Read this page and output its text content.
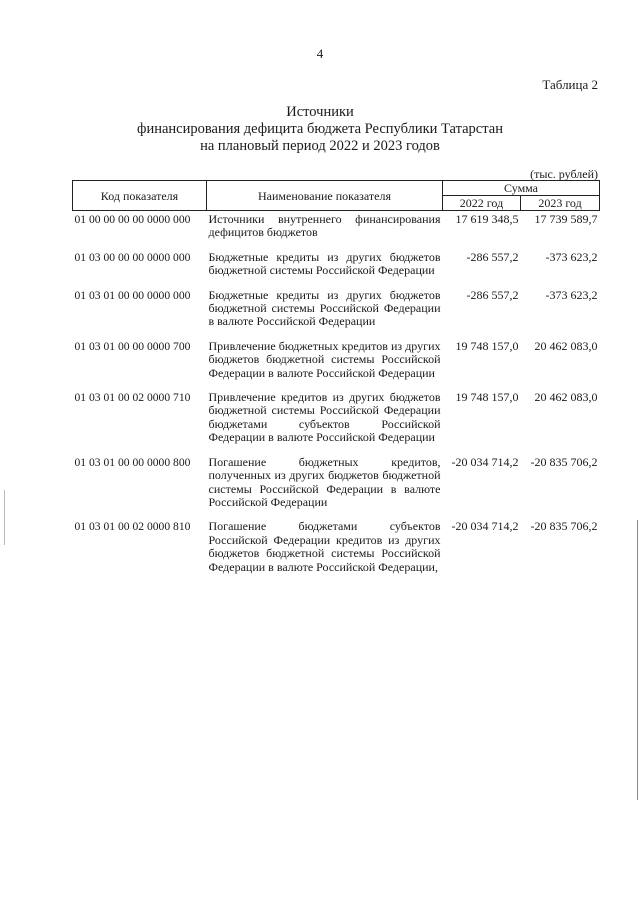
4
Таблица 2
Источники
финансирования дефицита бюджета Республики Татарстан
на плановый период 2022 и 2023 годов
(тыс. рублей)
Код показателя	Наименование показателя	Сумма	
		2022 год	2023 год
01 00 00 00 00 0000 000	Источники внутреннего финансирования дефицитов бюджетов	17 619 348,5	17 739 589,7
01 03 00 00 00 0000 000	Бюджетные кредиты из других бюджетов бюджетной системы Российской Федерации	-286 557,2	-373 623,2
01 03 01 00 00 0000 000	Бюджетные кредиты из других бюджетов бюджетной системы Российской Федерации в валюте Российской Федерации	-286 557,2	-373 623,2
01 03 01 00 00 0000 700	Привлечение бюджетных кредитов из других бюджетов бюджетной системы Российской Федерации в валюте Российской Федерации	19 748 157,0	20 462 083,0
01 03 01 00 02 0000 710	Привлечение кредитов из других бюджетов бюджетной системы Российской Федерации бюджетами субъектов Российской Федерации в валюте Российской Федерации	19 748 157,0	20 462 083,0
01 03 01 00 00 0000 800	Погашение бюджетных кредитов, полученных из других бюджетов бюджетной системы Российской Федерации в валюте Российской Федерации	-20 034 714,2	-20 835 706,2
01 03 01 00 02 0000 810	Погашение бюджетами субъектов Российской Федерации кредитов из других бюджетов бюджетной системы Российской Федерации в валюте Российской Федерации,	-20 034 714,2	-20 835 706,2
